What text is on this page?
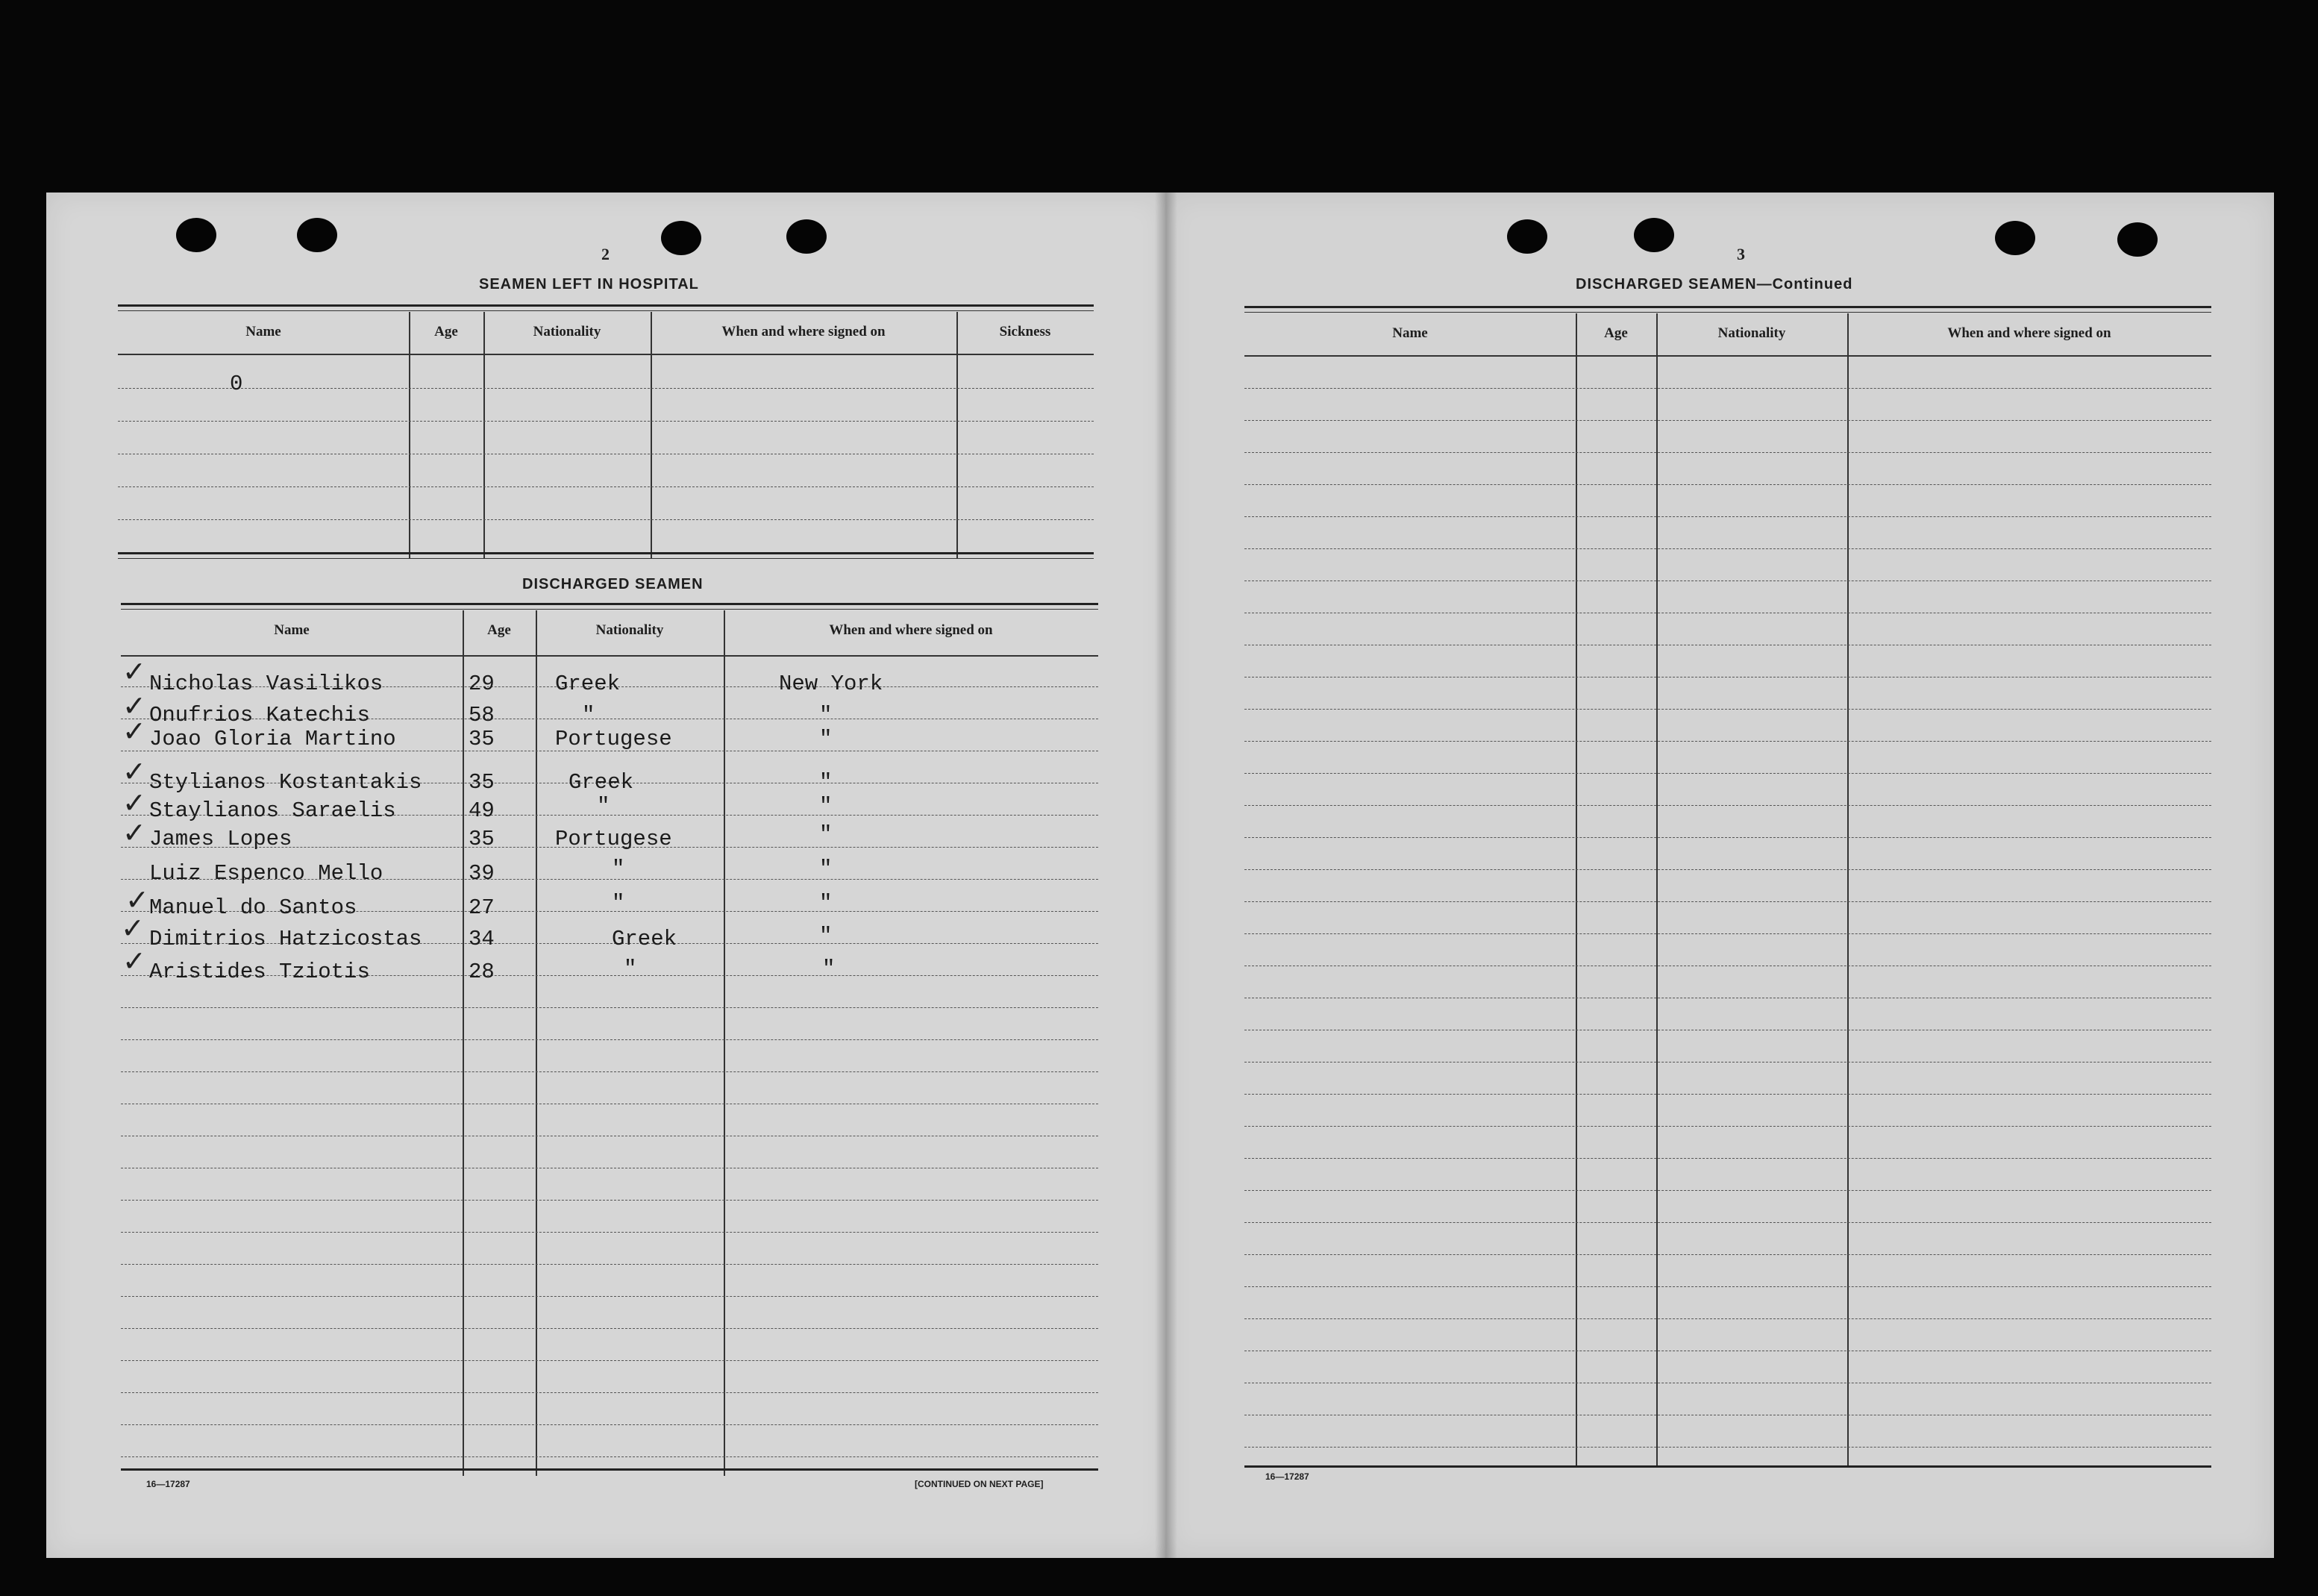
2
SEAMEN LEFT IN HOSPITAL
Name	Age	Nationality	When and where signed on	Sickness
0
DISCHARGED SEAMEN
Name	Age	Nationality	When and where signed on
✓ Nicholas Vasilikos	29	Greek	New York
✓ Onufrios Katechis	58	"	"
✓ Joao Gloria Martino	35	Portugese	"
✓ Stylianos Kostantakis 35	Greek	"
✓ Staylianos Saraelis	49	"	"
✓ James Lopes	35	Portugese	"
Luiz Espenco Mello	39	"	"
✓ Manuel do Santos	27	"	"
✓ Dimitrios Hatzicostas 34	Greek	"
✓ Aristides Tziotis	28	"	"
16—17287	[CONTINUED ON NEXT PAGE]
3
DISCHARGED SEAMEN—Continued
Name	Age	Nationality	When and where signed on
16—17287
